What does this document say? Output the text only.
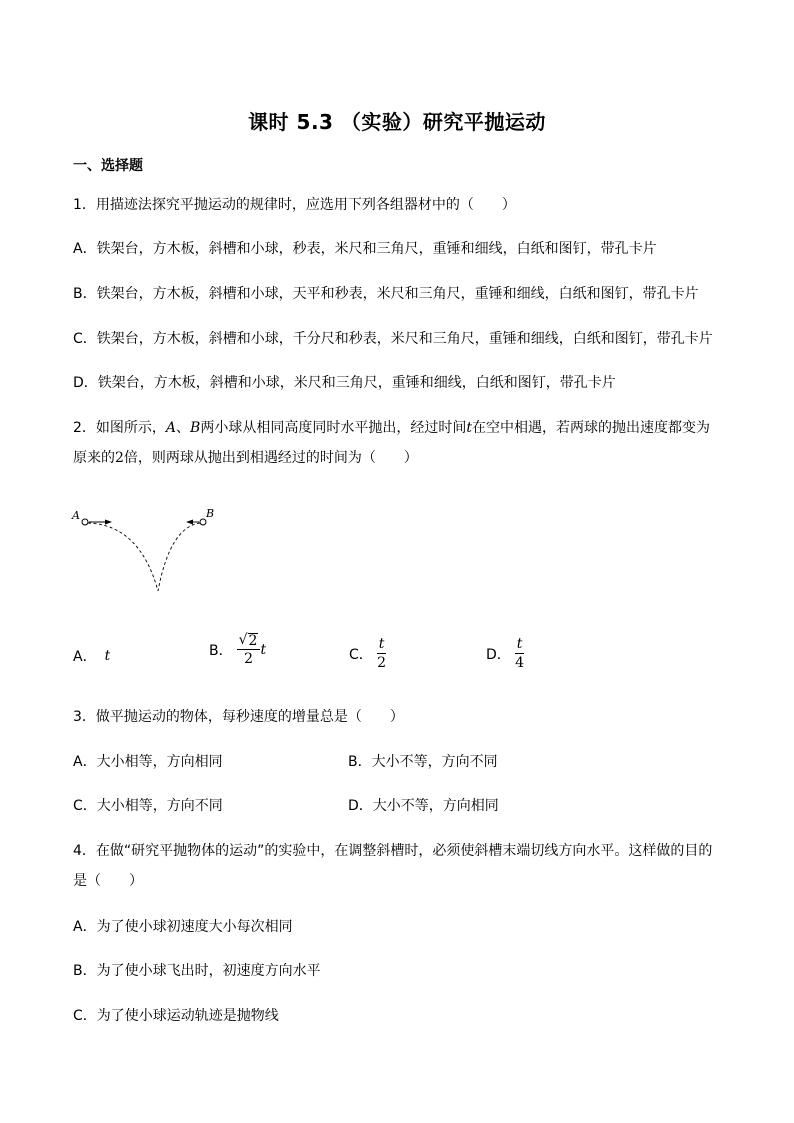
课时 5.3 （实验）研究平抛运动
一、选择题
1．用描迹法探究平抛运动的规律时，应选用下列各组器材中的（　　）
A．铁架台，方木板，斜槽和小球，秒表，米尺和三角尺，重锤和细线，白纸和图钉，带孔卡片
B．铁架台，方木板，斜槽和小球，天平和秒表，米尺和三角尺，重锤和细线，白纸和图钉，带孔卡片
C．铁架台，方木板，斜槽和小球，千分尺和秒表，米尺和三角尺，重锤和细线，白纸和图钉，带孔卡片
D．铁架台，方木板，斜槽和小球，米尺和三角尺，重锤和细线，白纸和图钉，带孔卡片
2．如图所示，A、B两小球从相同高度同时水平抛出，经过时间t在空中相遇，若两球的抛出速度都变为原来的2倍，则两球从抛出到相遇经过的时间为（　　）
A	B
A． t	B． $\frac{√ 2}{2}$ t	C． $\frac{t}{2}$	D． $\frac{t}{4}$
3．做平抛运动的物体，每秒速度的增量总是（　　）
A．大小相等，方向相同	B．大小不等，方向不同
C．大小相等，方向不同	D．大小不等，方向相同
4．在做“研究平抛物体的运动”的实验中，在调整斜槽时，必须使斜槽末端切线方向水平。这样做的目的是（　　）
A．为了使小球初速度大小每次相同
B．为了使小球飞出时，初速度方向水平
C．为了使小球运动轨迹是抛物线
